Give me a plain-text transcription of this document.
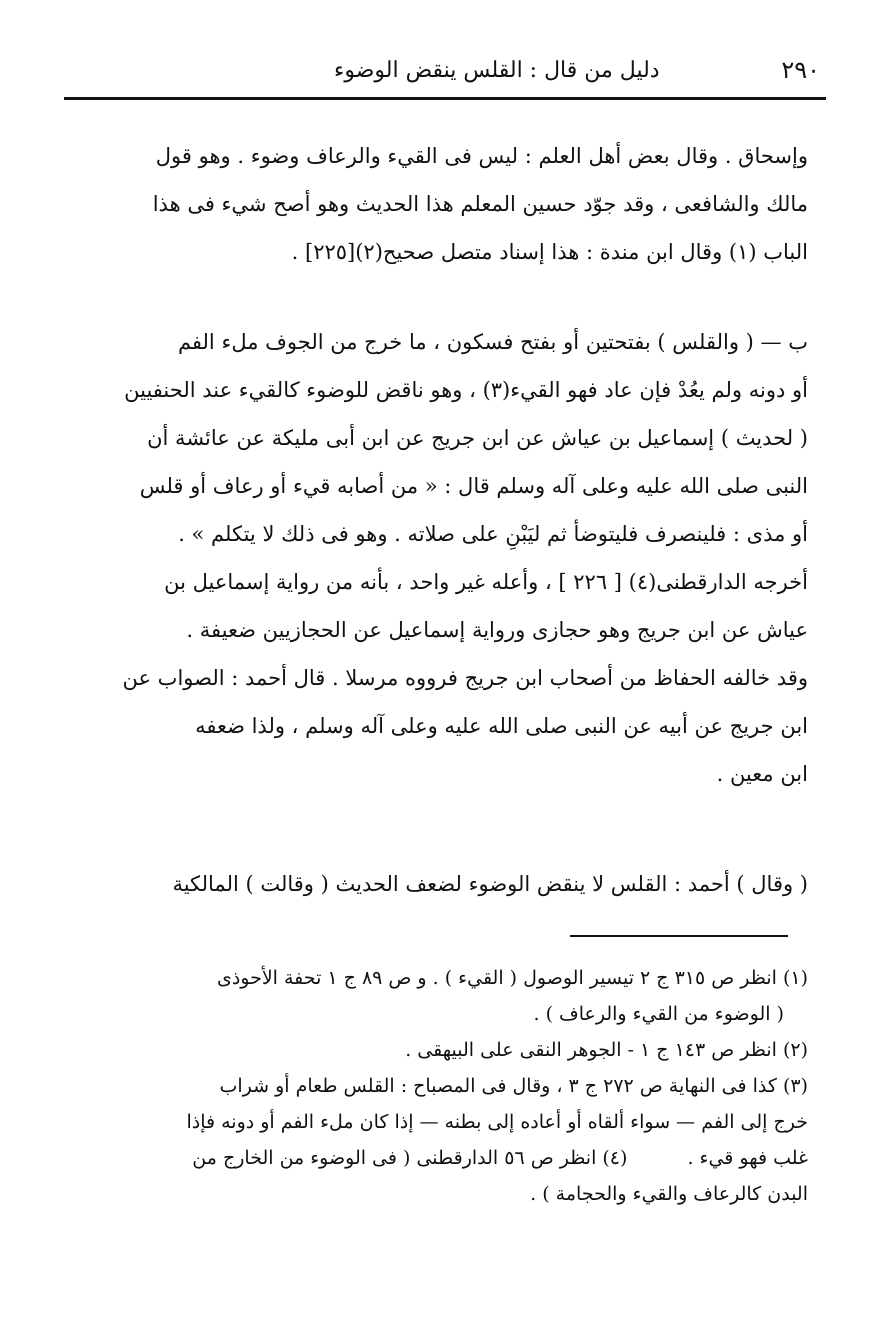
٢٩٠
دليل من قال : القلس ينقض الوضوء
وإسحاق . وقال بعض أهل العلم : ليس فى القيء والرعاف وضوء . وهو قول
مالك والشافعى ، وقد جوّد حسين المعلم هذا الحديث وهو أصح شيء فى هذا
الباب (١) وقال ابن مندة : هذا إسناد متصل صحيح(٢)[٢٢٥] .
ب — ( والقلس ) بفتحتين أو بفتح فسكون ، ما خرج من الجوف ملء الفم
أو دونه ولم يعُدْ فإن عاد فهو القيء(٣) ، وهو ناقض للوضوء كالقيء عند الحنفيين
( لحديث ) إسماعيل بن عياش عن ابن جريج عن ابن أبى مليكة عن عائشة أن
النبى صلى الله عليه وعلى آله وسلم قال : « من أصابه قيء أو رعاف أو قلس
أو مذى : فلينصرف فليتوضأ ثم ليَبْنِ على صلاته . وهو فى ذلك لا يتكلم » .
أخرجه الدارقطنى(٤) [ ٢٢٦ ] ، وأعله غير واحد ، بأنه من رواية إسماعيل بن
عياش عن ابن جريج وهو حجازى ورواية إسماعيل عن الحجازيين ضعيفة .
وقد خالفه الحفاظ من أصحاب ابن جريج فرووه مرسلا . قال أحمد : الصواب عن
ابن جريج عن أبيه عن النبى صلى الله عليه وعلى آله وسلم ، ولذا ضعفه
ابن معين .
( وقال ) أحمد : القلس لا ينقض الوضوء لضعف الحديث ( وقالت ) المالكية
(١) انظر ص ٣١٥ ج ٢ تيسير الوصول ( القيء ) . و ص ٨٩ ج ١ تحفة الأحوذى
( الوضوء من القيء والرعاف ) .
(٢) انظر ص ١٤٣ ج ١ - الجوهر النقى على البيهقى .
(٣) كذا فى النهاية ص ٢٧٢ ج ٣ ، وقال فى المصباح : القلس طعام أو شراب
خرج إلى الفم — سواء ألقاه أو أعاده إلى بطنه — إذا كان ملء الفم أو دونه فإذا
غلب فهو قيء .(٤) انظر ص ٥٦ الدارقطنى ( فى الوضوء من الخارج من
البدن كالرعاف والقيء والحجامة ) .
